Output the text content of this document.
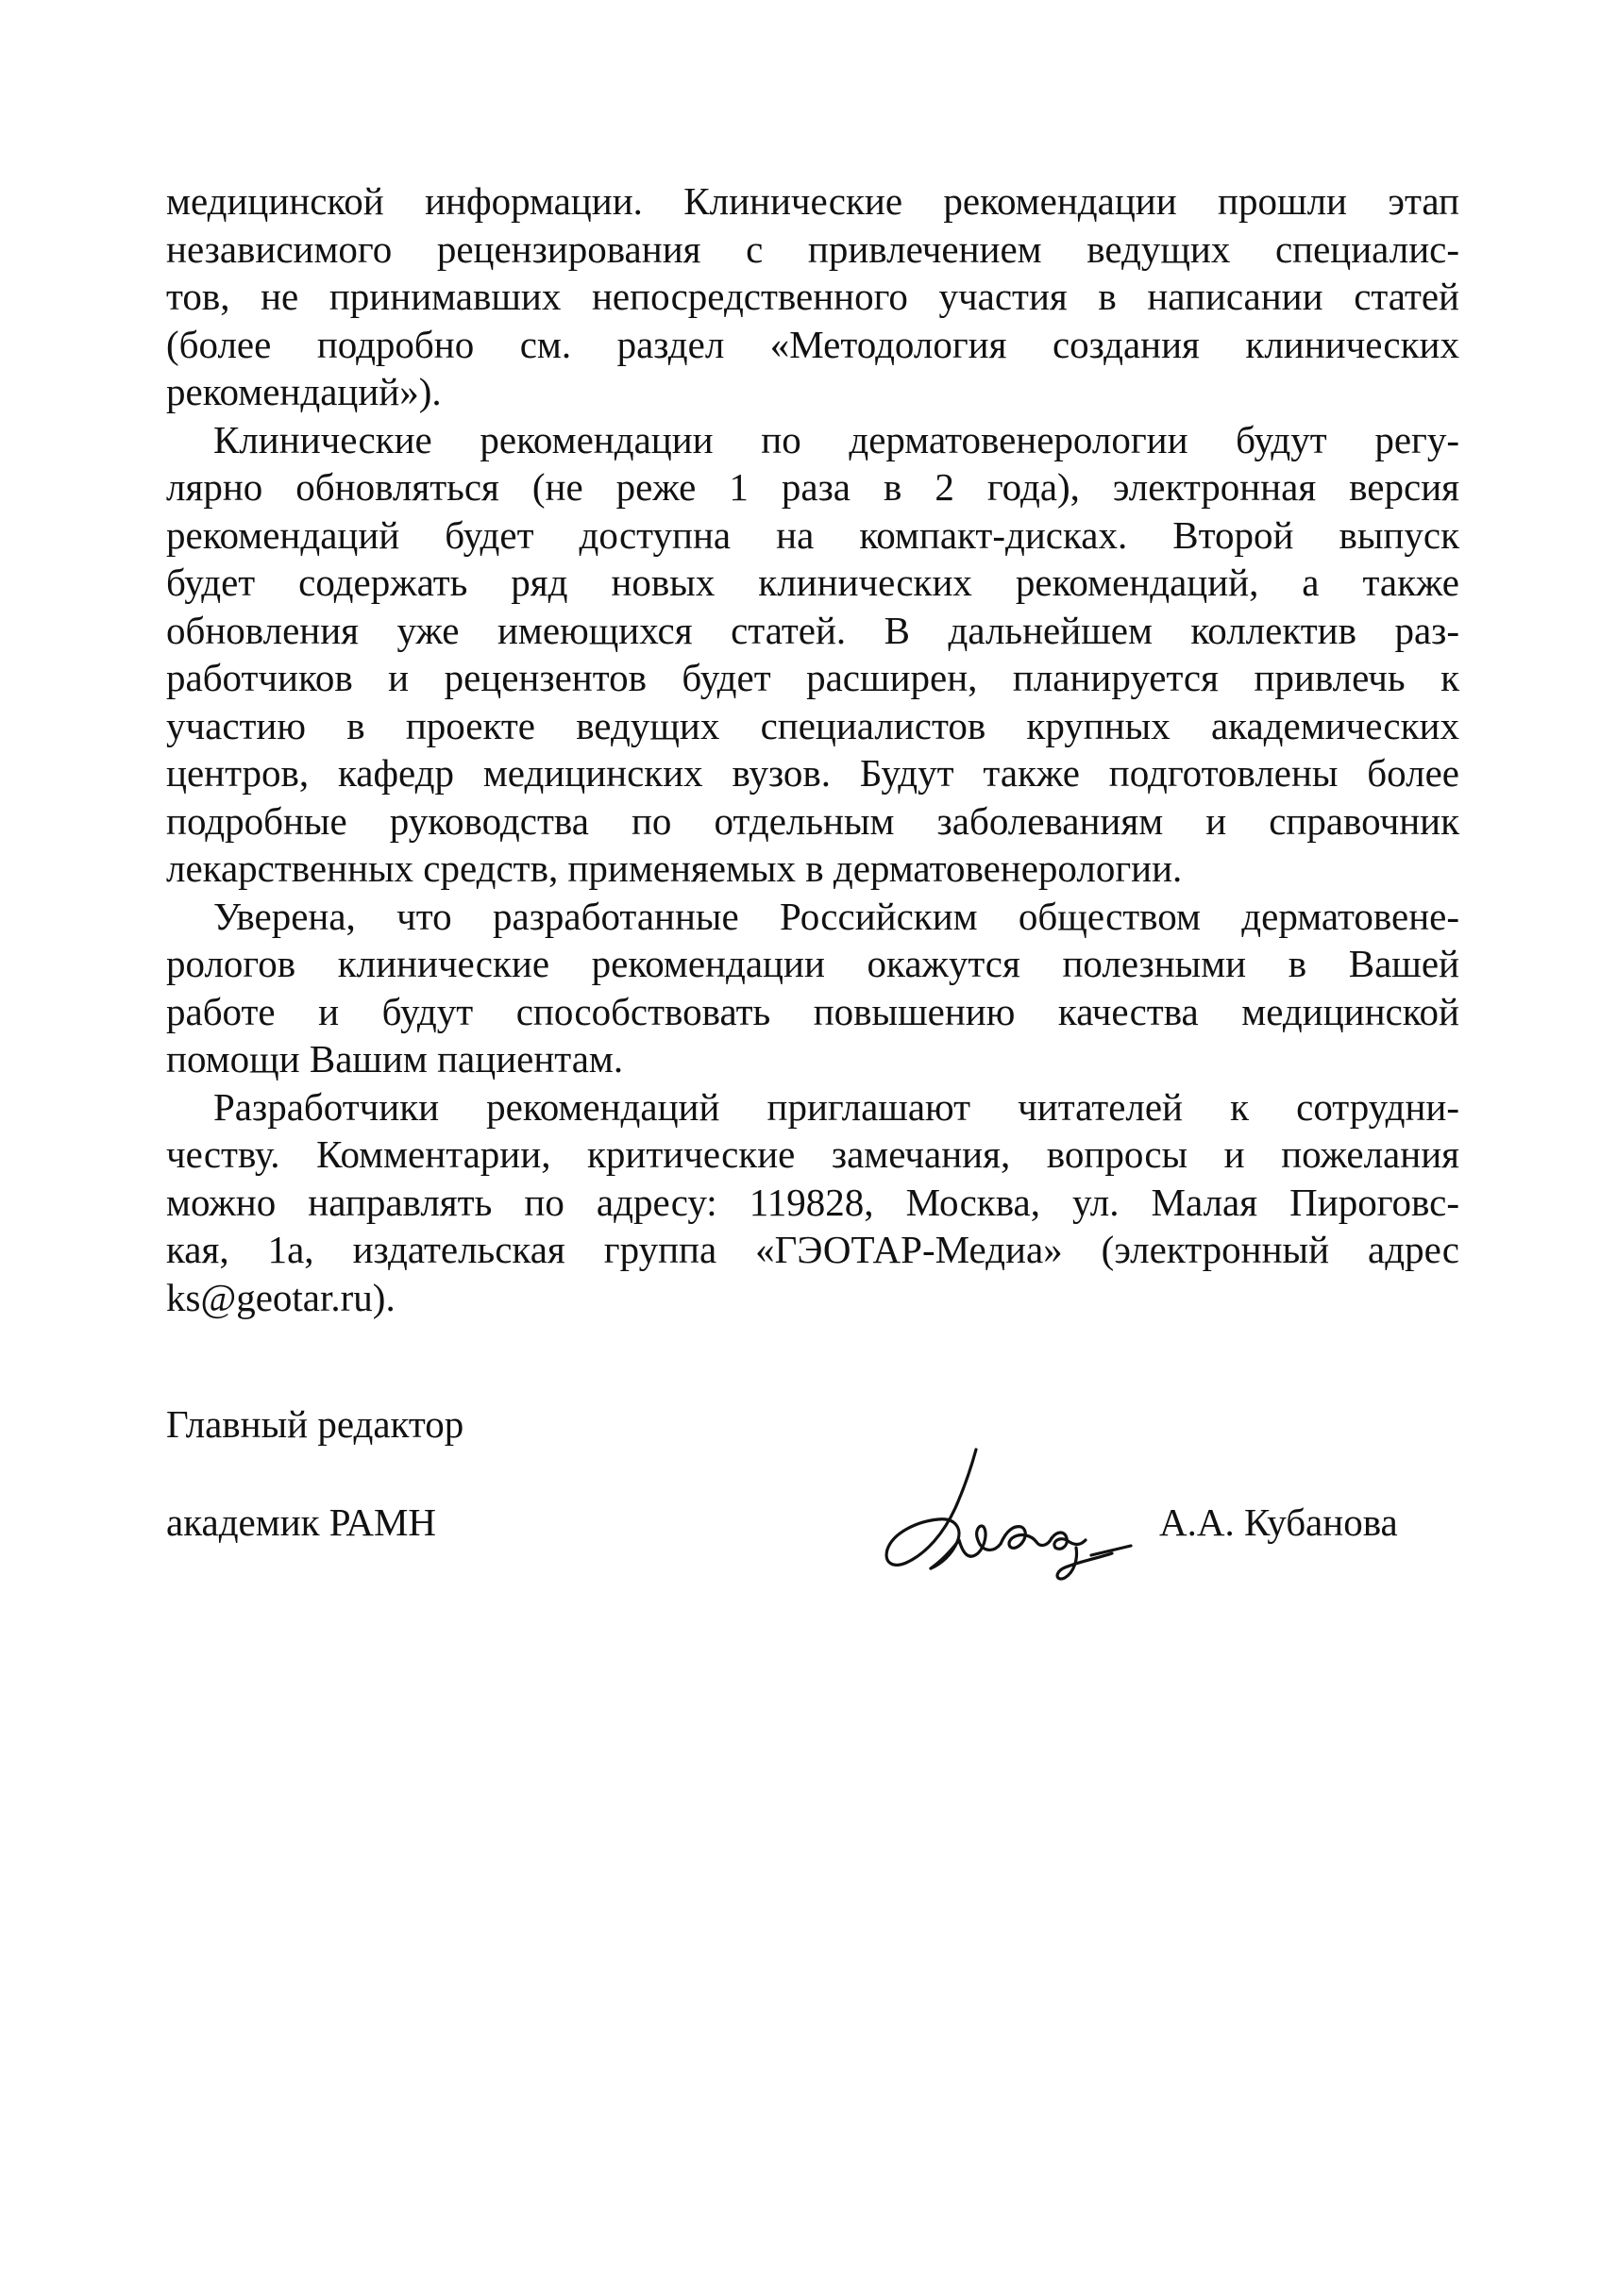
медицинской информации. Клинические рекомендации прошли этап
независимого рецензирования с привлечением ведущих специалис-
тов, не принимавших непосредственного участия в написании статей
(более подробно см. раздел «Методология создания клинических
рекомендаций»).
Клинические рекомендации по дерматовенерологии будут регу-
лярно обновляться (не реже 1 раза в 2 года), электронная версия
рекомендаций будет доступна на компакт-дисках. Второй выпуск
будет содержать ряд новых клинических рекомендаций, а также
обновления уже имеющихся статей. В дальнейшем коллектив раз-
работчиков и рецензентов будет расширен, планируется привлечь к
участию в проекте ведущих специалистов крупных академических
центров, кафедр медицинских вузов. Будут также подготовлены более
подробные руководства по отдельным заболеваниям и справочник
лекарственных средств, применяемых в дерматовенерологии.
Уверена, что разработанные Российским обществом дерматовене-
рологов клинические рекомендации окажутся полезными в Вашей
работе и будут способствовать повышению качества медицинской
помощи Вашим пациентам.
Разработчики рекомендаций приглашают читателей к сотрудни-
честву. Комментарии, критические замечания, вопросы и пожелания
можно направлять по адресу: 119828, Москва, ул. Малая Пироговс-
кая, 1а, издательская группа «ГЭОТАР-Медиа» (электронный адрес
ks@geotar.ru).
Главный редактор
академик РАМН	А.А. Кубанова
